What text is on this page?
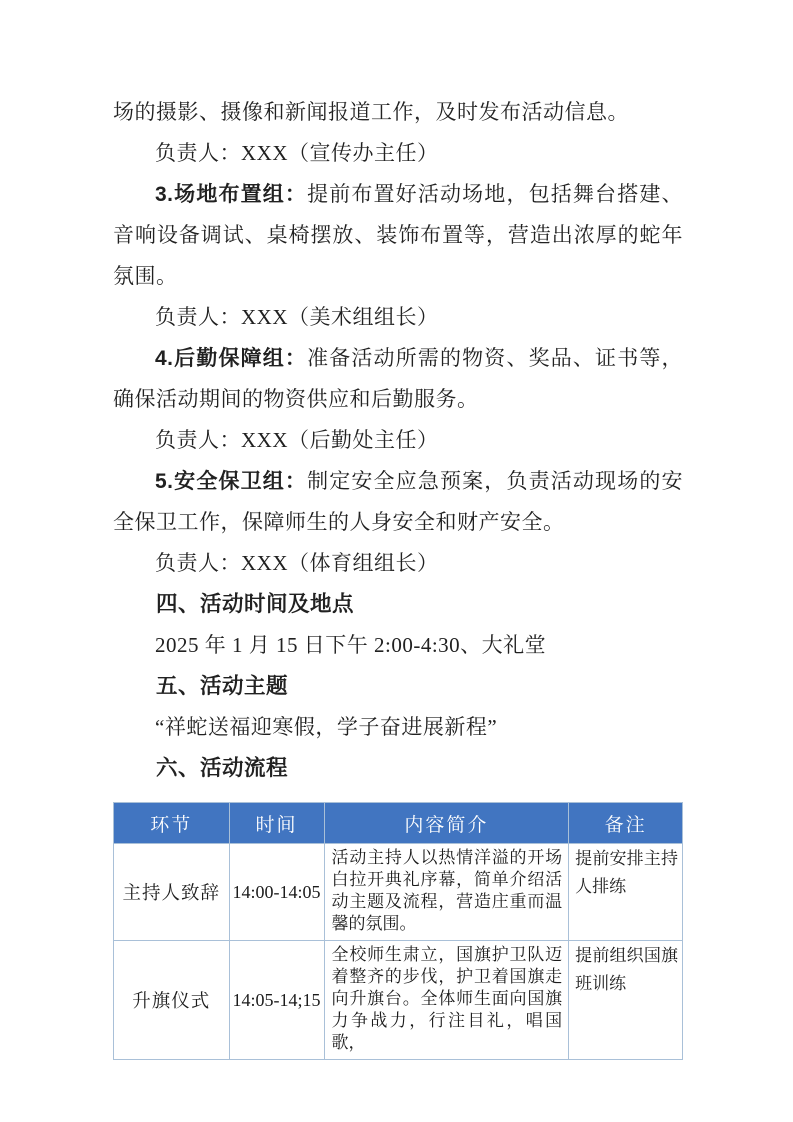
场的摄影、摄像和新闻报道工作，及时发布活动信息。

负责人：XXX（宣传办主任）

3.场地布置组：提前布置好活动场地，包括舞台搭建、音响设备调试、桌椅摆放、装饰布置等，营造出浓厚的蛇年氛围。

负责人：XXX（美术组组长）

4.后勤保障组：准备活动所需的物资、奖品、证书等，确保活动期间的物资供应和后勤服务。

负责人：XXX（后勤处主任）

5.安全保卫组：制定安全应急预案，负责活动现场的安全保卫工作，保障师生的人身安全和财产安全。

负责人：XXX（体育组组长）

四、活动时间及地点

2025 年 1 月 15 日下午 2:00-4:30、大礼堂

五、活动主题

“祥蛇送福迎寒假，学子奋进展新程”

六、活动流程

环节	时间	内容简介	备注
主持人致辞	14:00-14:05	活动主持人以热情洋溢的开场白拉开典礼序幕，简单介绍活动主题及流程，营造庄重而温馨的氛围。	提前安排主持人排练
升旗仪式	14:05-14;15	全校师生肃立，国旗护卫队迈着整齐的步伐，护卫着国旗走向升旗台。全体师生面向国旗力争战力，行注目礼，唱国歌，	提前组织国旗班训练
